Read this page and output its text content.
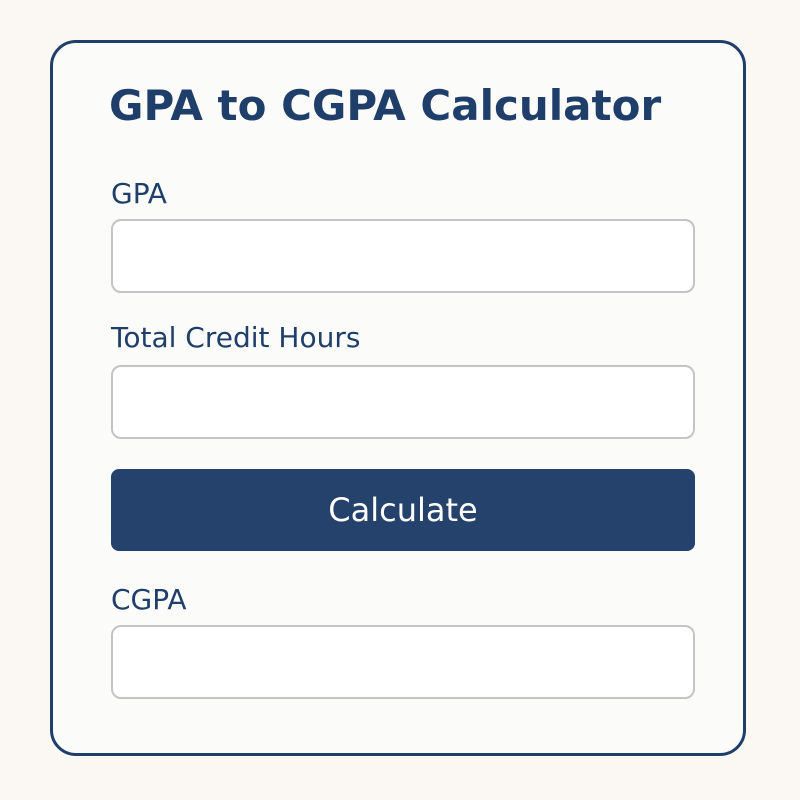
GPA to CGPA Calculator
GPA
Total Credit Hours
Calculate
CGPA
